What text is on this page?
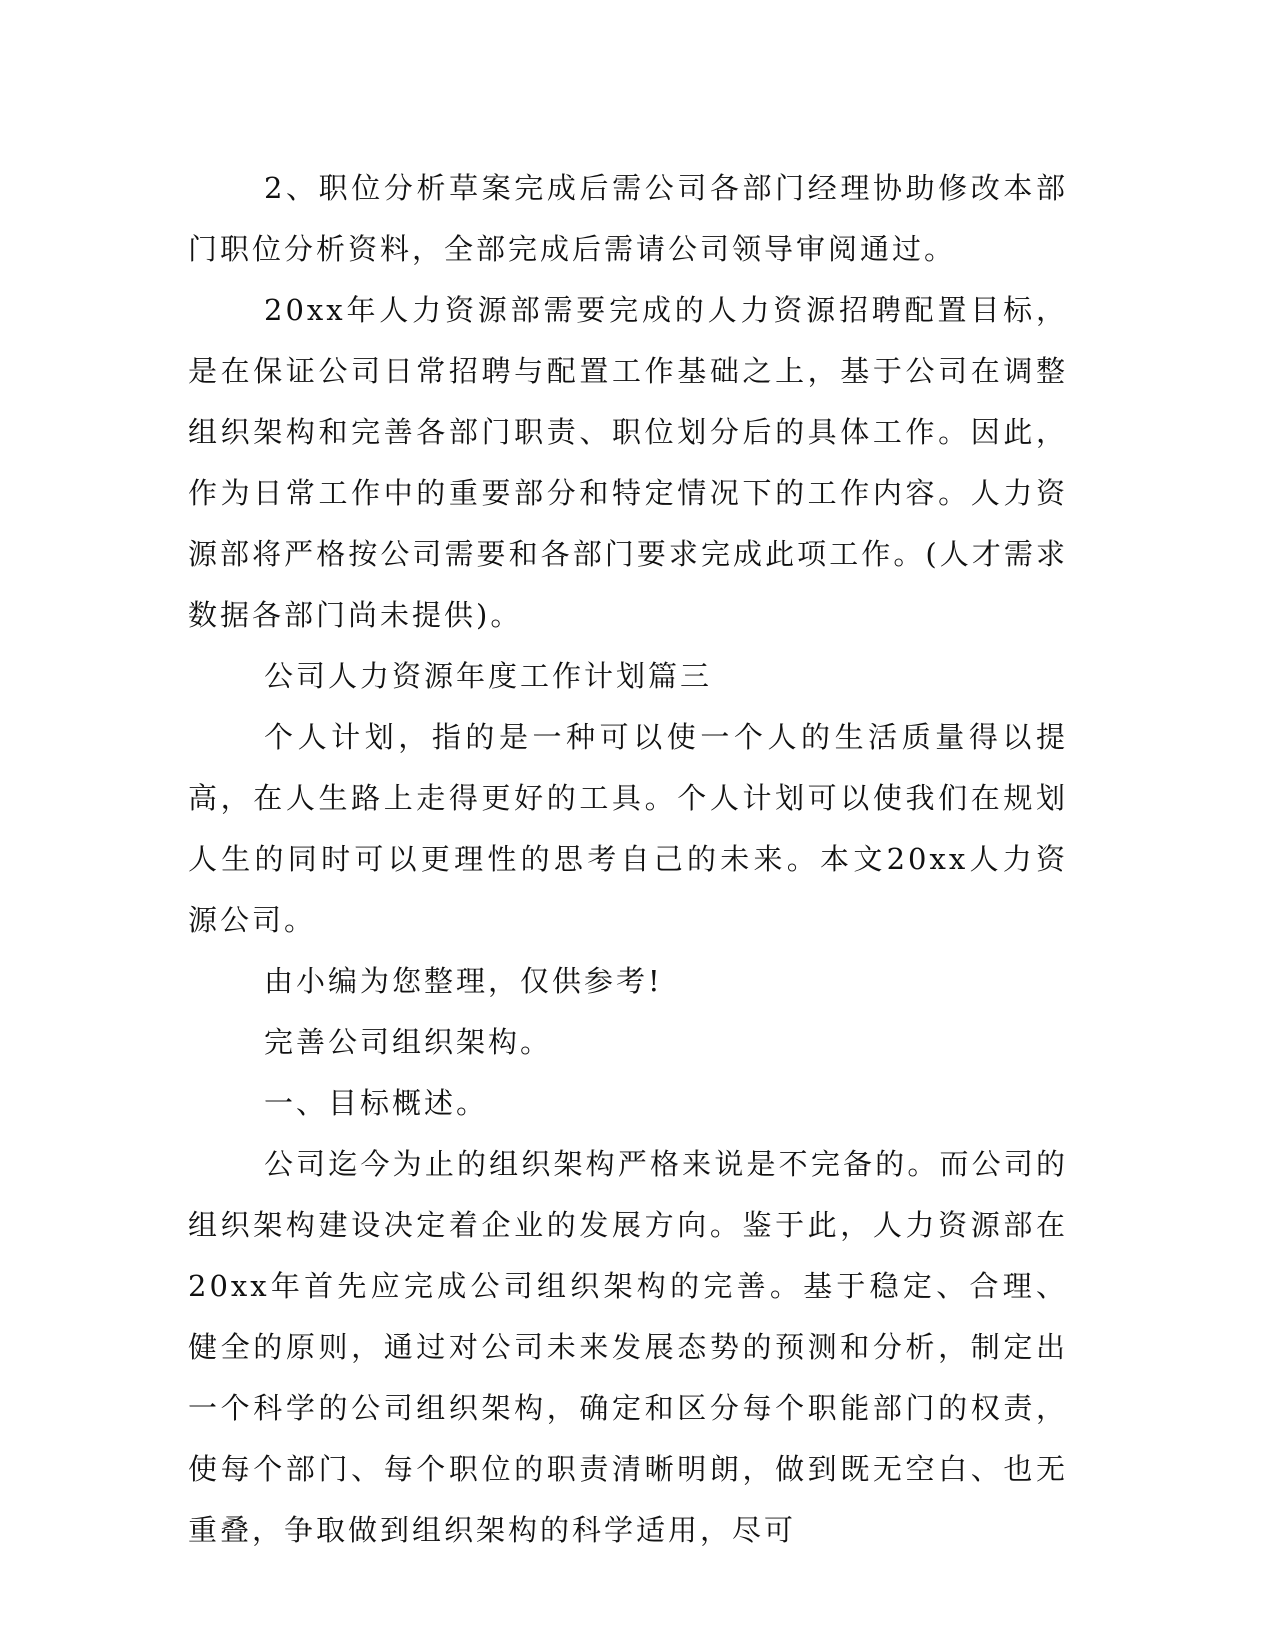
2、职位分析草案完成后需公司各部门经理协助修改本部门职位分析资料，全部完成后需请公司领导审阅通过。

20xx年人力资源部需要完成的人力资源招聘配置目标，是在保证公司日常招聘与配置工作基础之上，基于公司在调整组织架构和完善各部门职责、职位划分后的具体工作。因此，作为日常工作中的重要部分和特定情况下的工作内容。人力资源部将严格按公司需要和各部门要求完成此项工作。(人才需求数据各部门尚未提供)。

公司人力资源年度工作计划篇三

个人计划，指的是一种可以使一个人的生活质量得以提高，在人生路上走得更好的工具。个人计划可以使我们在规划人生的同时可以更理性的思考自己的未来。本文20xx人力资源公司。

由小编为您整理，仅供参考!

完善公司组织架构。

一、目标概述。

公司迄今为止的组织架构严格来说是不完备的。而公司的组织架构建设决定着企业的发展方向。鉴于此，人力资源部在20xx年首先应完成公司组织架构的完善。基于稳定、合理、健全的原则，通过对公司未来发展态势的预测和分析，制定出一个科学的公司组织架构，确定和区分每个职能部门的权责，使每个部门、每个职位的职责清晰明朗，做到既无空白、也无重叠，争取做到组织架构的科学适用，尽可
